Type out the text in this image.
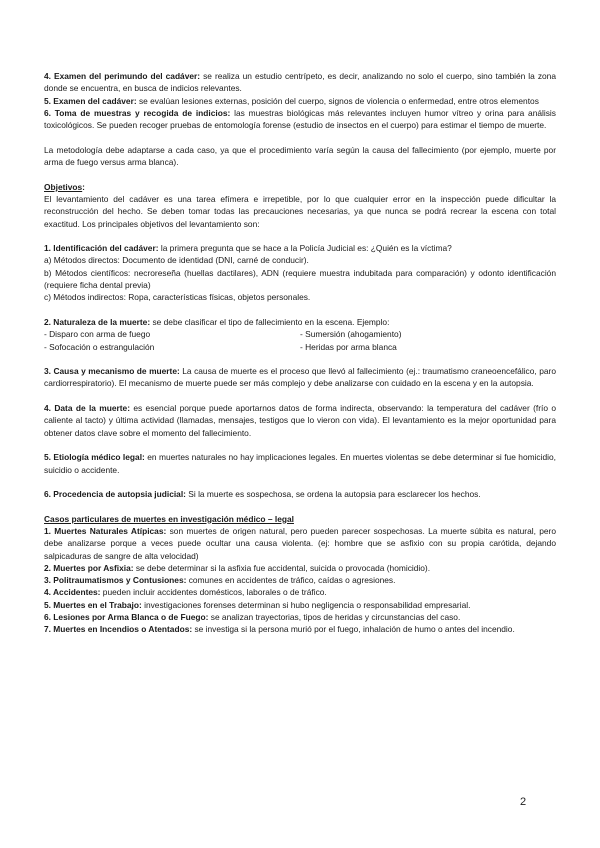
4. Examen del perimundo del cadáver: se realiza un estudio centrípeto, es decir, analizando no solo el cuerpo, sino también la zona donde se encuentra, en busca de indicios relevantes.

5. Examen del cadáver: se evalúan lesiones externas, posición del cuerpo, signos de violencia o enfermedad, entre otros elementos

6. Toma de muestras y recogida de indicios: las muestras biológicas más relevantes incluyen humor vítreo y orina para análisis toxicológicos. Se pueden recoger pruebas de entomología forense (estudio de insectos en el cuerpo) para estimar el tiempo de muerte.

La metodología debe adaptarse a cada caso, ya que el procedimiento varía según la causa del fallecimiento (por ejemplo, muerte por arma de fuego versus arma blanca).

Objetivos:

El levantamiento del cadáver es una tarea efímera e irrepetible, por lo que cualquier error en la inspección puede dificultar la reconstrucción del hecho. Se deben tomar todas las precauciones necesarias, ya que nunca se podrá recrear la escena con total exactitud. Los principales objetivos del levantamiento son:

1. Identificación del cadáver: la primera pregunta que se hace a la Policía Judicial es: ¿Quién es la víctima?

a) Métodos directos: Documento de identidad (DNI, carné de conducir).

b) Métodos científicos: necroreseña (huellas dactilares), ADN (requiere muestra indubitada para comparación) y odonto identificación (requiere ficha dental previa)

c) Métodos indirectos: Ropa, características físicas, objetos personales.

2. Naturaleza de la muerte: se debe clasificar el tipo de fallecimiento en la escena. Ejemplo:

- Disparo con arma de fuego

- Sofocación o estrangulación

- Sumersión (ahogamiento)

- Heridas por arma blanca

3. Causa y mecanismo de muerte: La causa de muerte es el proceso que llevó al fallecimiento (ej.: traumatismo craneoencefálico, paro cardiorrespiratorio). El mecanismo de muerte puede ser más complejo y debe analizarse con cuidado en la escena y en la autopsia.

4. Data de la muerte: es esencial porque puede aportarnos datos de forma indirecta, observando: la temperatura del cadáver (frío o caliente al tacto) y última actividad (llamadas, mensajes, testigos que lo vieron con vida). El levantamiento es la mejor oportunidad para obtener datos clave sobre el momento del fallecimiento.

5. Etiología médico legal: en muertes naturales no hay implicaciones legales. En muertes violentas se debe determinar si fue homicidio, suicidio o accidente.

6. Procedencia de autopsia judicial: Si la muerte es sospechosa, se ordena la autopsia para esclarecer los hechos.

Casos particulares de muertes en investigación médico – legal

1. Muertes Naturales Atípicas: son muertes de origen natural, pero pueden parecer sospechosas. La muerte súbita es natural, pero debe analizarse porque a veces puede ocultar una causa violenta. (ej: hombre que se asfixio con su propia carótida, dejando salpicaduras de sangre de alta velocidad)

2. Muertes por Asfixia: se debe determinar si la asfixia fue accidental, suicida o provocada (homicidio).

3. Politraumatismos y Contusiones: comunes en accidentes de tráfico, caídas o agresiones.

4. Accidentes: pueden incluir accidentes domésticos, laborales o de tráfico.

5. Muertes en el Trabajo: investigaciones forenses determinan si hubo negligencia o responsabilidad empresarial.

6. Lesiones por Arma Blanca o de Fuego: se analizan trayectorias, tipos de heridas y circunstancias del caso.

7. Muertes en Incendios o Atentados: se investiga si la persona murió por el fuego, inhalación de humo o antes del incendio.

2
